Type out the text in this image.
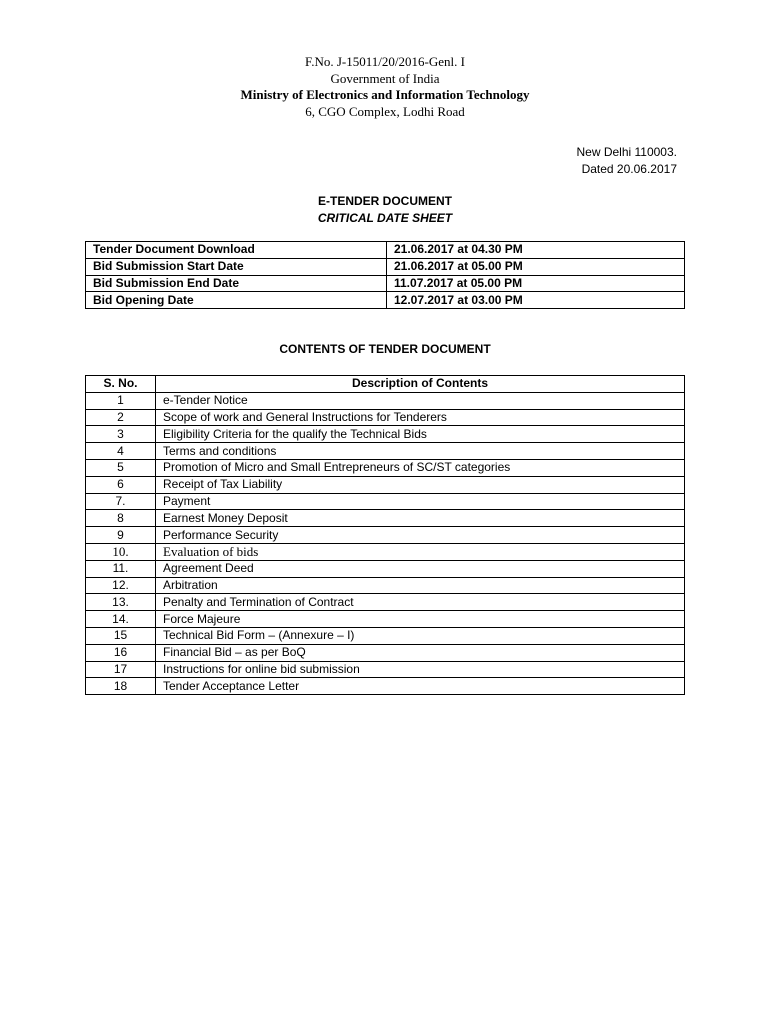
F.No. J-15011/20/2016-Genl. I
Government of India
Ministry of Electronics and Information Technology
6, CGO Complex, Lodhi Road
New Delhi 110003.
Dated 20.06.2017
E-TENDER DOCUMENT
CRITICAL DATE SHEET
Tender Document Download	21.06.2017 at 04.30 PM
Bid Submission Start Date	21.06.2017 at 05.00 PM
Bid Submission End Date	11.07.2017 at 05.00 PM
Bid Opening Date	12.07.2017 at 03.00 PM
CONTENTS OF TENDER DOCUMENT
S. No.	Description of Contents
1	e-Tender Notice
2	Scope of work and General Instructions for Tenderers
3	Eligibility Criteria for the qualify the Technical Bids
4	Terms and conditions
5	Promotion of Micro and Small Entrepreneurs of SC/ST categories
6	Receipt of Tax Liability
7.	Payment
8	Earnest Money Deposit
9	Performance Security
10.	Evaluation of bids
11.	Agreement Deed
12.	Arbitration
13.	Penalty and Termination of Contract
14.	Force Majeure
15	Technical Bid Form – (Annexure – I)
16	Financial Bid – as per BoQ
17	Instructions for online bid submission
18	Tender Acceptance Letter
